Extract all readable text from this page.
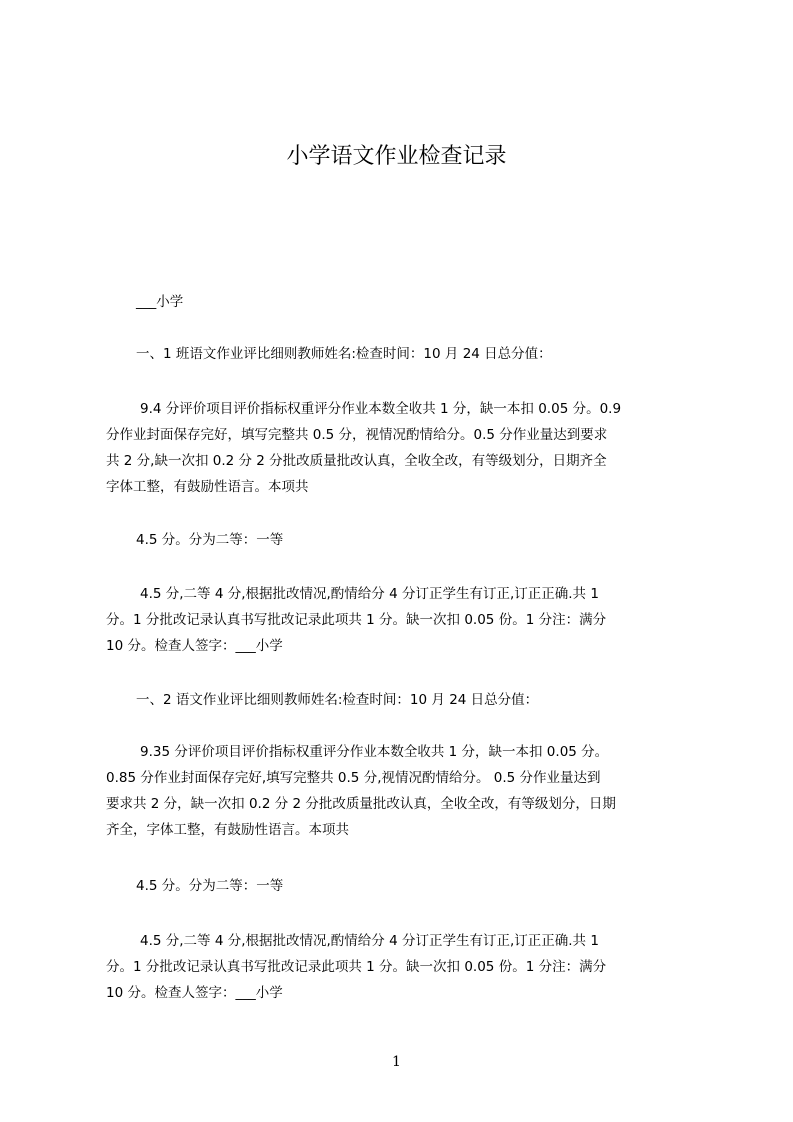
小学语文作业检查记录
___小学
一、1 班语文作业评比细则教师姓名:检查时间：10 月 24 日总分值：
9.4 分评价项目评价指标权重评分作业本数全收共 1 分，缺一本扣 0.05 分。0.9
分作业封面保存完好，填写完整共 0.5 分，视情况酌情给分。0.5 分作业量达到要求
共 2 分,缺一次扣 0.2 分 2 分批改质量批改认真，全收全改，有等级划分，日期齐全
字体工整，有鼓励性语言。本项共
4.5 分。分为二等：一等
4.5 分,二等 4 分,根据批改情况,酌情给分 4 分订正学生有订正,订正正确.共 1
分。1 分批改记录认真书写批改记录此项共 1 分。缺一次扣 0.05 份。1 分注：满分
10 分。检查人签字：___小学
一、2 语文作业评比细则教师姓名:检查时间：10 月 24 日总分值：
9.35 分评价项目评价指标权重评分作业本数全收共 1 分，缺一本扣 0.05 分。
0.85 分作业封面保存完好,填写完整共 0.5 分,视情况酌情给分。 0.5 分作业量达到
要求共 2 分，缺一次扣 0.2 分 2 分批改质量批改认真，全收全改，有等级划分，日期
齐全，字体工整，有鼓励性语言。本项共
4.5 分。分为二等：一等
4.5 分,二等 4 分,根据批改情况,酌情给分 4 分订正学生有订正,订正正确.共 1
分。1 分批改记录认真书写批改记录此项共 1 分。缺一次扣 0.05 份。1 分注：满分
10 分。检查人签字：___小学
1
